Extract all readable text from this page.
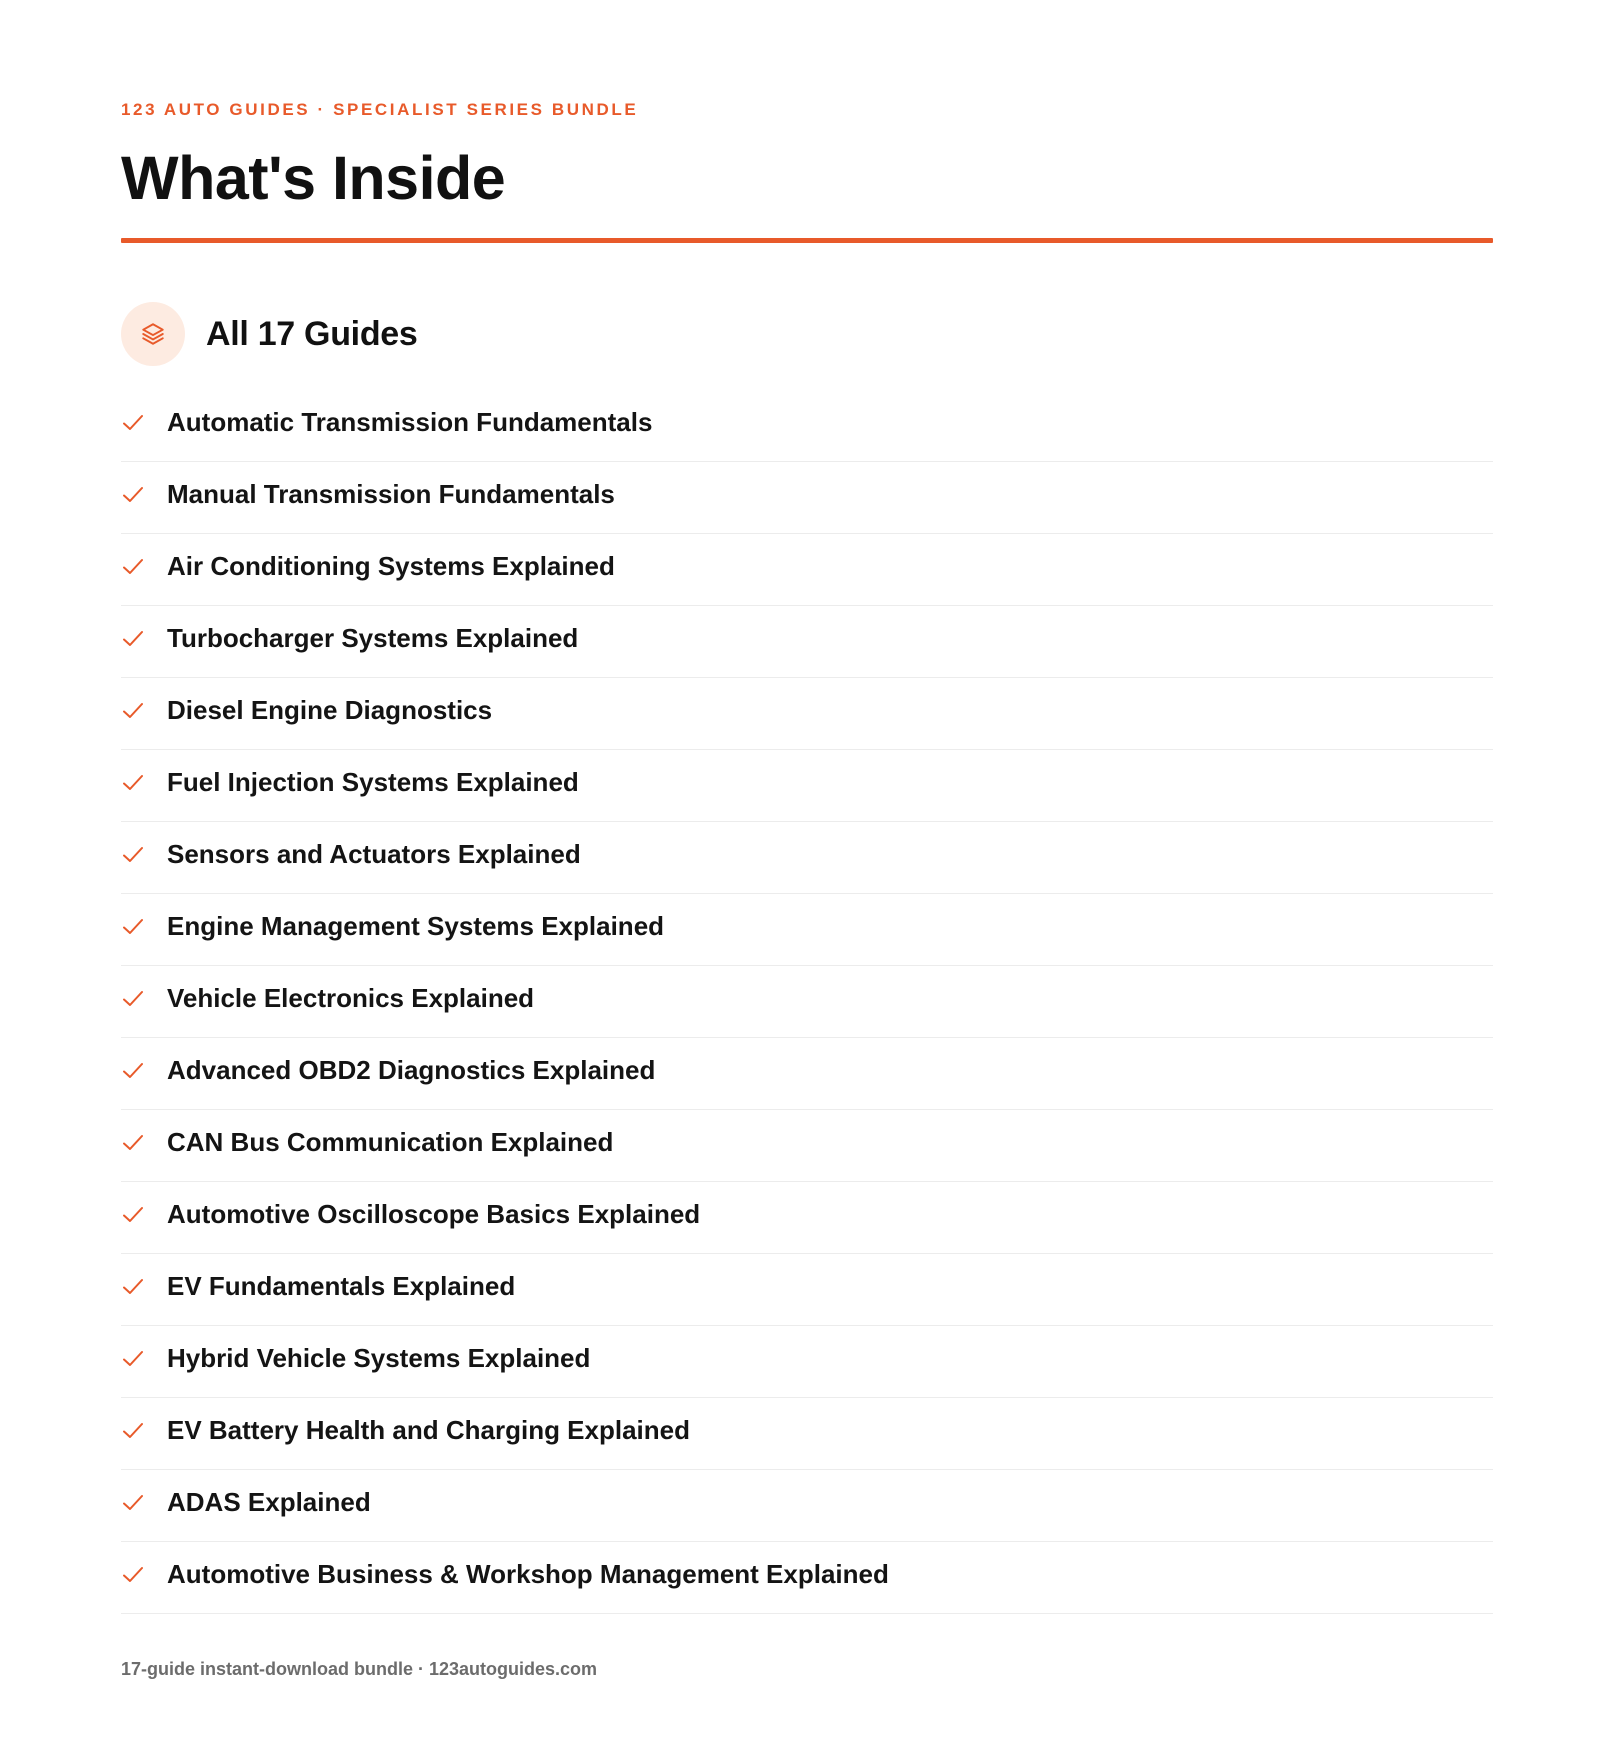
123 AUTO GUIDES · SPECIALIST SERIES BUNDLE

What's Inside
All 17 Guides
Automatic Transmission Fundamentals
Manual Transmission Fundamentals
Air Conditioning Systems Explained
Turbocharger Systems Explained
Diesel Engine Diagnostics
Fuel Injection Systems Explained
Sensors and Actuators Explained
Engine Management Systems Explained
Vehicle Electronics Explained
Advanced OBD2 Diagnostics Explained
CAN Bus Communication Explained
Automotive Oscilloscope Basics Explained
EV Fundamentals Explained
Hybrid Vehicle Systems Explained
EV Battery Health and Charging Explained
ADAS Explained
Automotive Business & Workshop Management Explained
17-guide instant-download bundle · 123autoguides.com
